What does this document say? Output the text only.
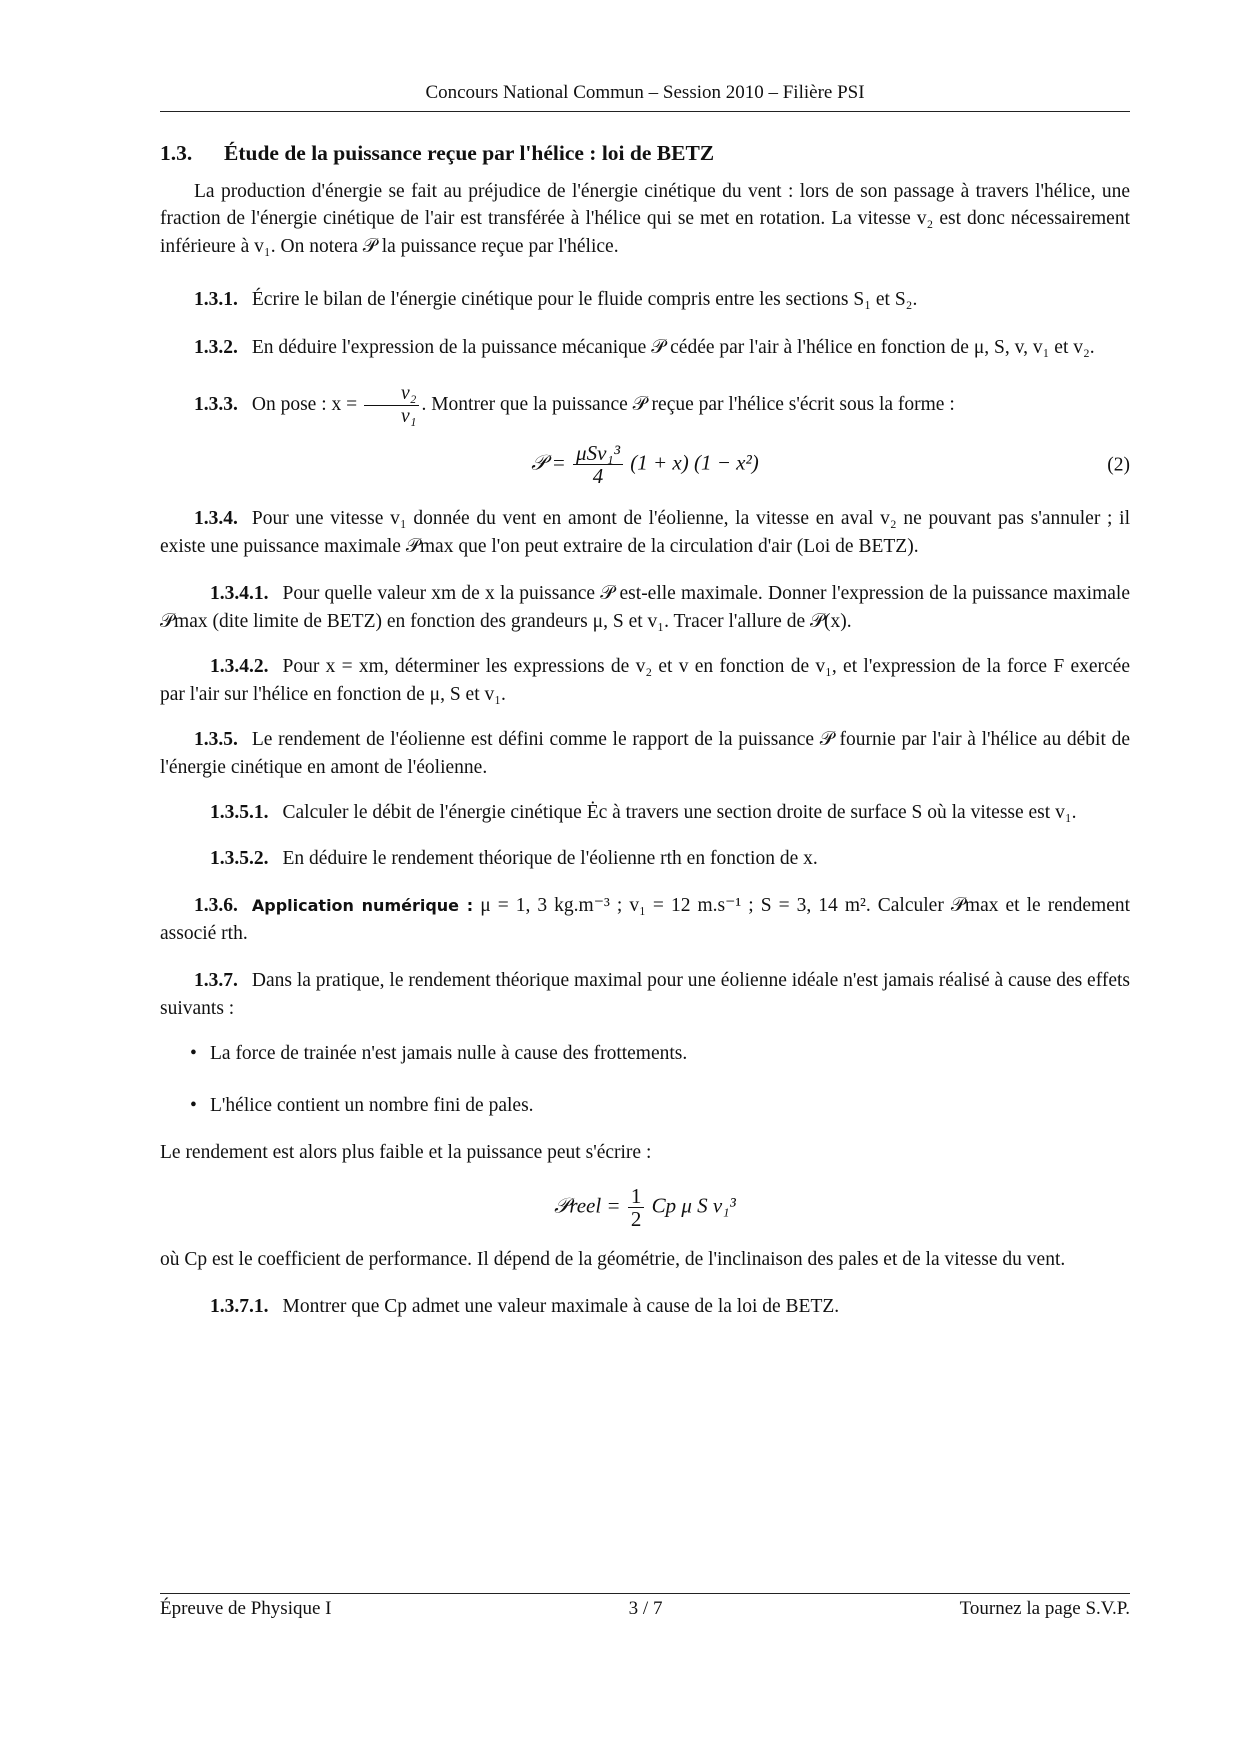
Concours National Commun – Session 2010 – Filière PSI
1.3. Étude de la puissance reçue par l'hélice : loi de BETZ

La production d'énergie se fait au préjudice de l'énergie cinétique du vent : lors de son passage à travers l'hélice, une fraction de l'énergie cinétique de l'air est transférée à l'hélice qui se met en rotation. La vitesse v₂ est donc nécessairement inférieure à v₁. On notera 𝒫 la puissance reçue par l'hélice.

1.3.1. Écrire le bilan de l'énergie cinétique pour le fluide compris entre les sections S₁ et S₂.

1.3.2. En déduire l'expression de la puissance mécanique 𝒫 cédée par l'air à l'hélice en fonction de μ, S, v, v₁ et v₂.

1.3.3. On pose : $x = \frac{\text{v₂}}{\text{v₁}}$ . Montrer que la puissance 𝒫 reçue par l'hélice s'écrit sous la forme :

𝒫 = $\frac{\text{μSv₁³}}{4} (1 + x) (1 - x^2)$	(2)

1.3.4. Pour une vitesse v₁ donnée du vent en amont de l'éolienne, la vitesse en aval v₂ ne pouvant pas s'annuler ; il existe une puissance maximale 𝒫max que l'on peut extraire de la circulation d'air (Loi de BETZ).

1.3.4.1. Pour quelle valeur xm de x la puissance 𝒫 est-elle maximale. Donner l'expression de la puissance maximale 𝒫max (dite limite de BETZ) en fonction des grandeurs μ, S et v₁. Tracer l'allure de 𝒫(x).

1.3.4.2. Pour x = xm, déterminer les expressions de v₂ et v en fonction de v₁, et l'expression de la force F exercée par l'air sur l'hélice en fonction de μ, S et v₁.

1.3.5. Le rendement de l'éolienne est défini comme le rapport de la puissance 𝒫 fournie par l'air à l'hélice au débit de l'énergie cinétique en amont de l'éolienne.

1.3.5.1. Calculer le débit de l'énergie cinétique Ėc à travers une section droite de surface S où la vitesse est v₁.

1.3.5.2. En déduire le rendement théorique de l'éolienne rth en fonction de x.

1.3.6. Application numérique : μ = 1, 3 kg.m⁻³ ; v₁ = 12 m.s⁻¹ ; S = 3, 14 m². Calculer 𝒫max et le rendement associé rth.

1.3.7. Dans la pratique, le rendement théorique maximal pour une éolienne idéale n'est jamais réalisé à cause des effets suivants :

• La force de trainée n'est jamais nulle à cause des frottements.
• L'hélice contient un nombre fini de pales.

Le rendement est alors plus faible et la puissance peut s'écrire :

𝒫reel = $\frac{1}{2}$ Cp μ S v₁³

où Cp est le coefficient de performance. Il dépend de la géométrie, de l'inclinaison des pales et de la vitesse du vent.

1.3.7.1. Montrer que Cp admet une valeur maximale à cause de la loi de BETZ.

Épreuve de Physique I	3 / 7	Tournez la page S.V.P.
